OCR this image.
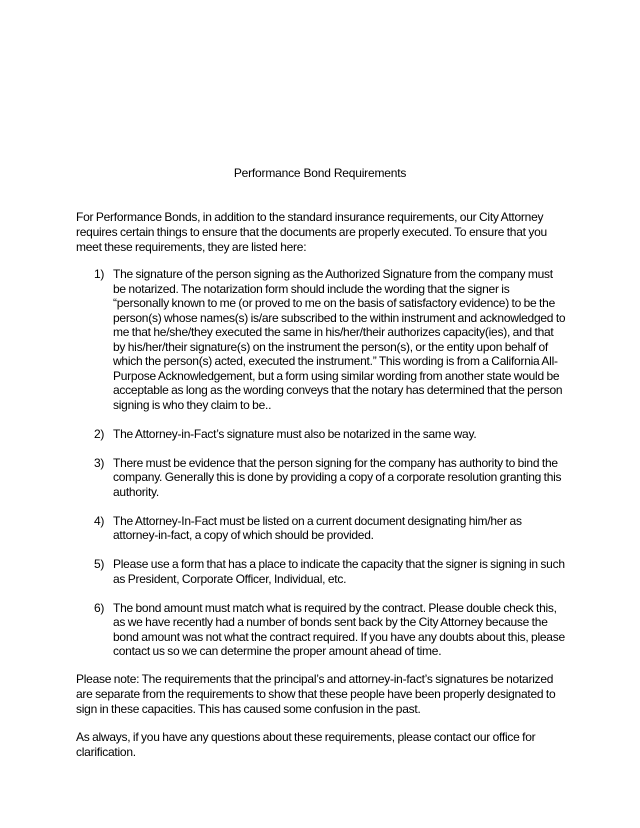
Performance Bond Requirements
For Performance Bonds, in addition to the standard insurance requirements, our City Attorney requires certain things to ensure that the documents are properly executed. To ensure that you meet these requirements, they are listed here:
1) The signature of the person signing as the Authorized Signature from the company must be notarized. The notarization form should include the wording that the signer is “personally known to me (or proved to me on the basis of satisfactory evidence) to be the person(s) whose names(s) is/are subscribed to the within instrument and acknowledged to me that he/she/they executed the same in his/her/their authorizes capacity(ies), and that by his/her/their signature(s) on the instrument the person(s), or the entity upon behalf of which the person(s) acted, executed the instrument.” This wording is from a California All-Purpose Acknowledgement, but a form using similar wording from another state would be acceptable as long as the wording conveys that the notary has determined that the person signing is who they claim to be..
2) The Attorney-in-Fact’s signature must also be notarized in the same way.
3) There must be evidence that the person signing for the company has authority to bind the company. Generally this is done by providing a copy of a corporate resolution granting this authority.
4) The Attorney-In-Fact must be listed on a current document designating him/her as attorney-in-fact, a copy of which should be provided.
5) Please use a form that has a place to indicate the capacity that the signer is signing in such as President, Corporate Officer, Individual, etc.
6) The bond amount must match what is required by the contract. Please double check this, as we have recently had a number of bonds sent back by the City Attorney because the bond amount was not what the contract required. If you have any doubts about this, please contact us so we can determine the proper amount ahead of time.
Please note: The requirements that the principal’s and attorney-in-fact’s signatures be notarized are separate from the requirements to show that these people have been properly designated to sign in these capacities. This has caused some confusion in the past.
As always, if you have any questions about these requirements, please contact our office for clarification.
